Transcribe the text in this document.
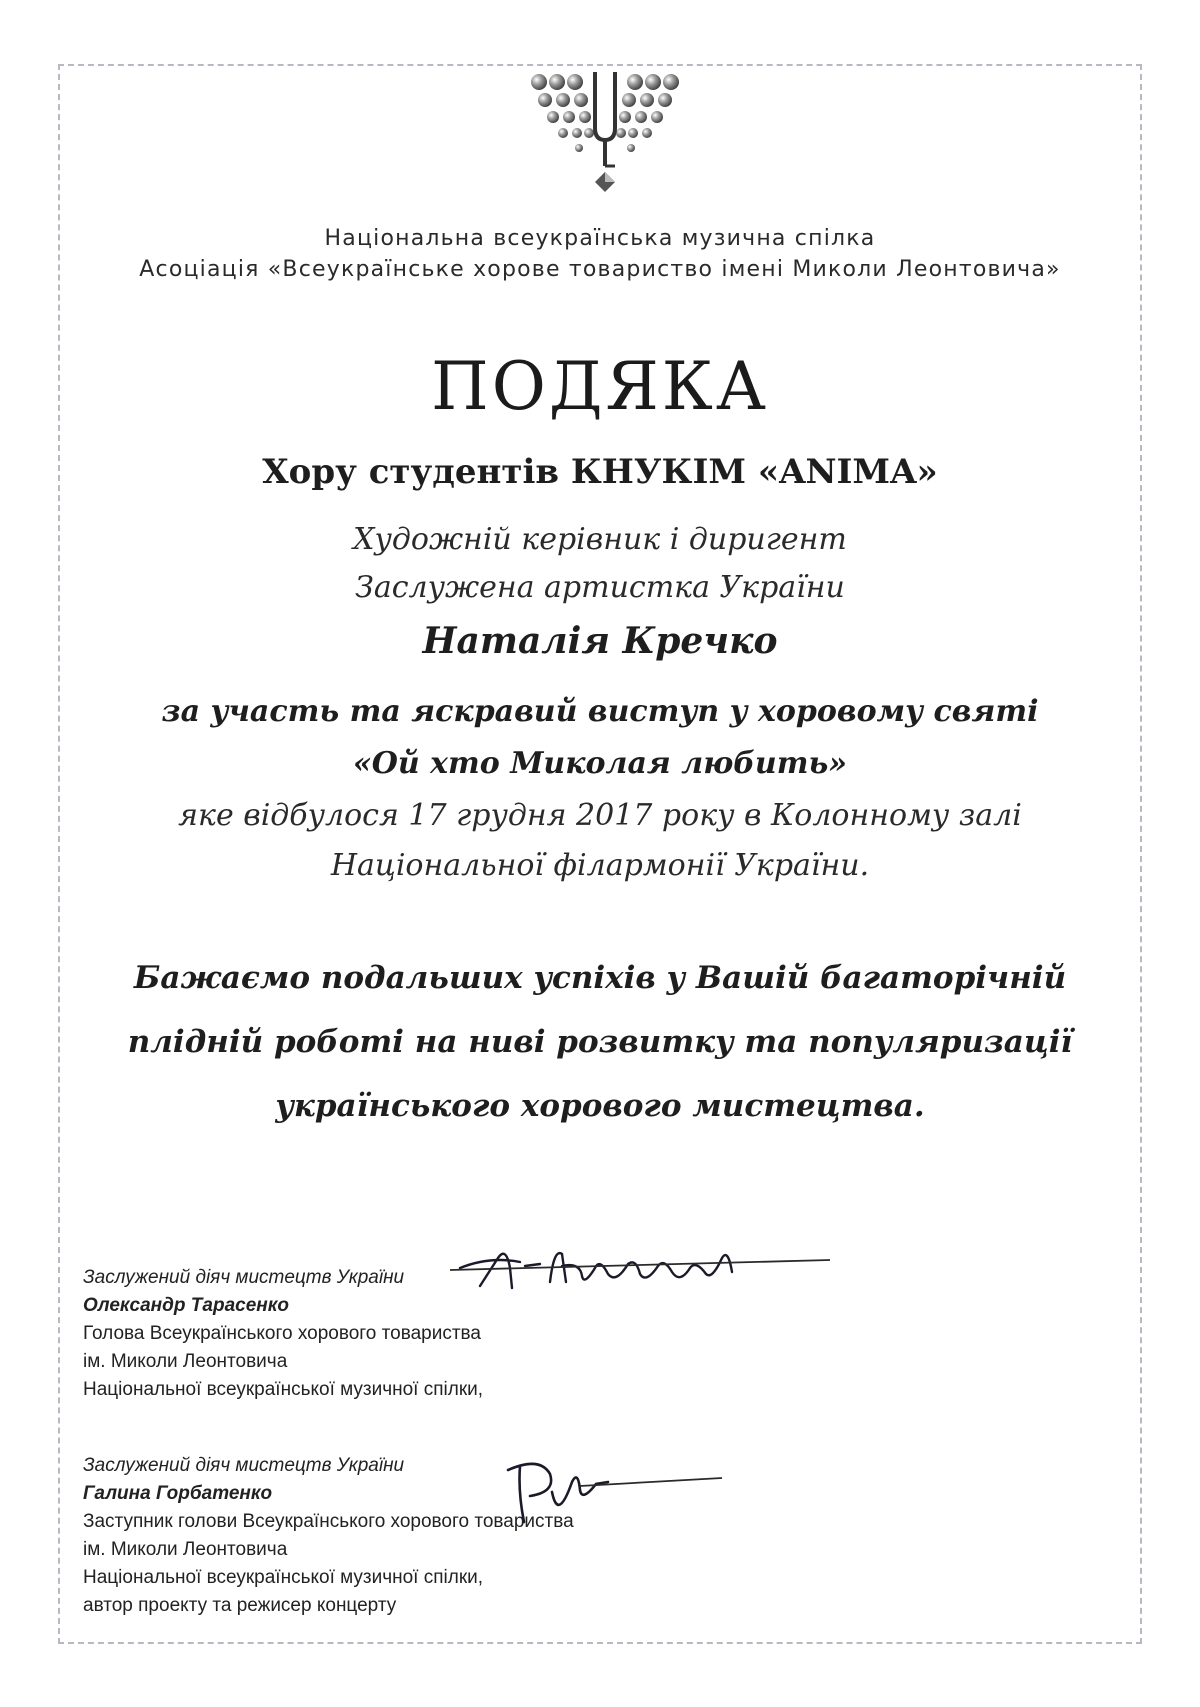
Національна всеукраїнська музична спілка
Асоціація «Всеукраїнське хорове товариство імені Миколи Леонтовича»
ПОДЯКА
Хору студентів КНУКІМ «ANIMA»
Художній керівник і диригент
Заслужена артистка України
Наталія Кречко
за участь та яскравий виступ у хоровому святі
«Ой хто Миколая любить»
яке відбулося 17 грудня 2017 року в Колонному залі
Національної філармонії України.
Бажаємо подальших успіхів у Вашій багаторічній
плідній роботі на ниві розвитку та популяризації
українського хорового мистецтва.
Заслужений діяч мистецтв України
Олександр Тарасенко
Голова Всеукраїнського хорового товариства
ім. Миколи Леонтовича
Національної всеукраїнської музичної спілки,
Заслужений діяч мистецтв України
Галина Горбатенко
Заступник голови Всеукраїнського хорового товариства
ім. Миколи Леонтовича
Національної всеукраїнської музичної спілки,
автор проекту та режисер концерту
